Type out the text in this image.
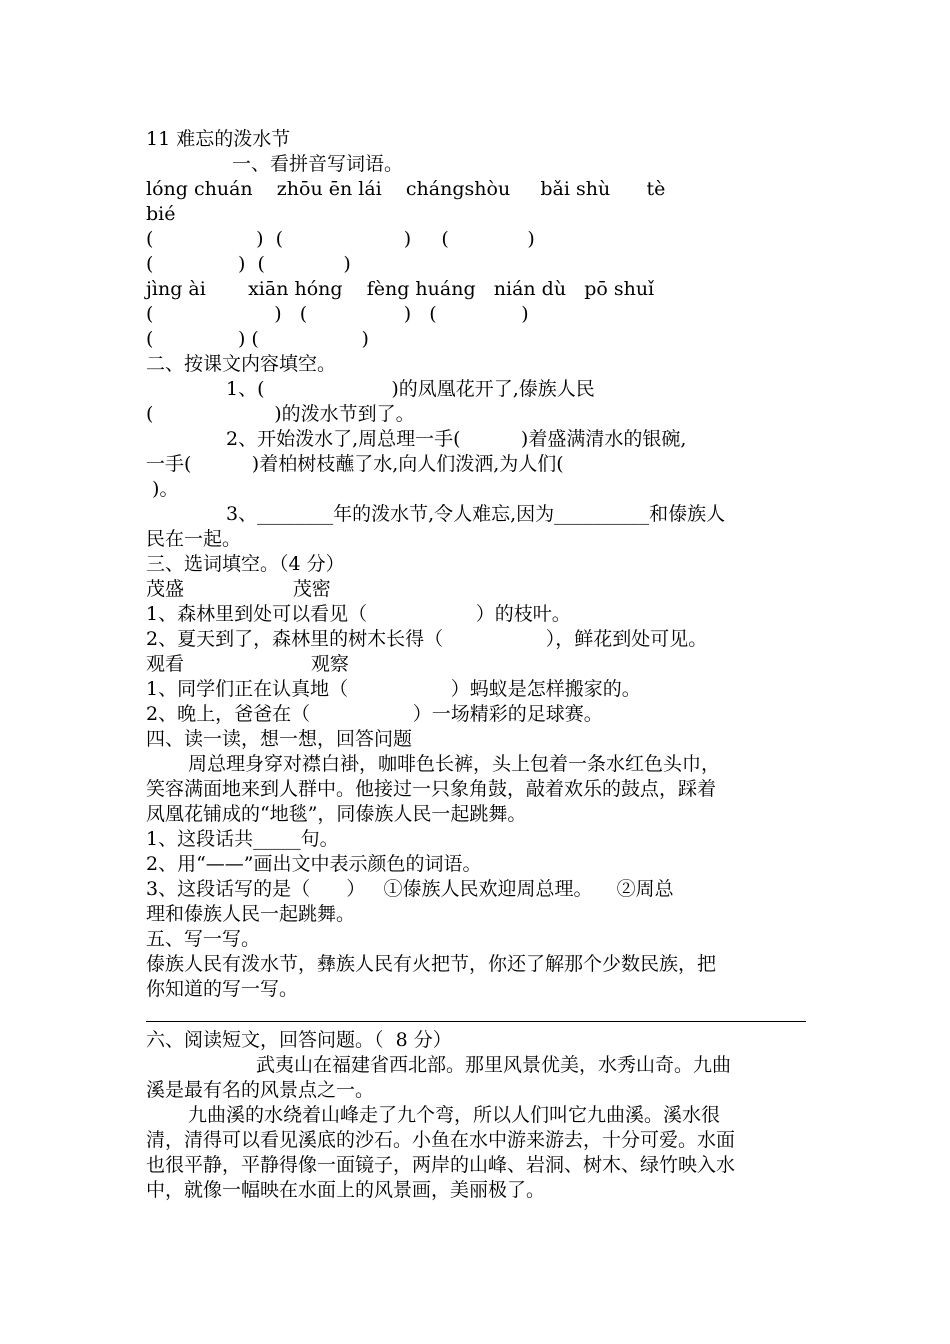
11 难忘的泼水节
一、看拼音写词语。
lóng chuán    zhōu ēn lái    chángshòu     bǎi shù      tè
bié
(                 )  (                    )     (             )
(              )  (             )
jìng ài       xiān hóng    fèng huáng   nián dù   pō shuǐ
(                    )   (                )   (              )
(              ) (                 )
二、按课文内容填空。
1、(                     )的凤凰花开了,傣族人民
(                    )的泼水节到了。
2、开始泼水了,周总理一手(          )着盛满清水的银碗,
一手(          )着柏树枝蘸了水,向人们泼洒,为人们(
)。
3、________年的泼水节,令人难忘,因为__________和傣族人
民在一起。
三、选词填空。（4 分）
茂盛                  茂密
1、森林里到处可以看见（                  ）的枝叶。
2、夏天到了，森林里的树木长得（                 ），鲜花到处可见。
观看                     观察
1、同学们正在认真地（                 ）蚂蚁是怎样搬家的。
2、晚上，爸爸在（                 ）一场精彩的足球赛。
四、读一读，想一想，回答问题
周总理身穿对襟白褂，咖啡色长裤，头上包着一条水红色头巾，
笑容满面地来到人群中。他接过一只象角鼓，敲着欢乐的鼓点，踩着
凤凰花铺成的“地毯”，同傣族人民一起跳舞。
1、这段话共_____句。
2、用“——”画出文中表示颜色的词语。
3、这段话写的是（      ）   ①傣族人民欢迎周总理。    ②周总
理和傣族人民一起跳舞。
五、写一写。
傣族人民有泼水节，彝族人民有火把节，你还了解那个少数民族，把
你知道的写一写。
六、阅读短文，回答问题。（  8 分）
武夷山在福建省西北部。那里风景优美，水秀山奇。九曲
溪是最有名的风景点之一。
九曲溪的水绕着山峰走了九个弯，所以人们叫它九曲溪。溪水很
清，清得可以看见溪底的沙石。小鱼在水中游来游去，十分可爱。水面
也很平静，平静得像一面镜子，两岸的山峰、岩洞、树木、绿竹映入水
中，就像一幅映在水面上的风景画，美丽极了。
